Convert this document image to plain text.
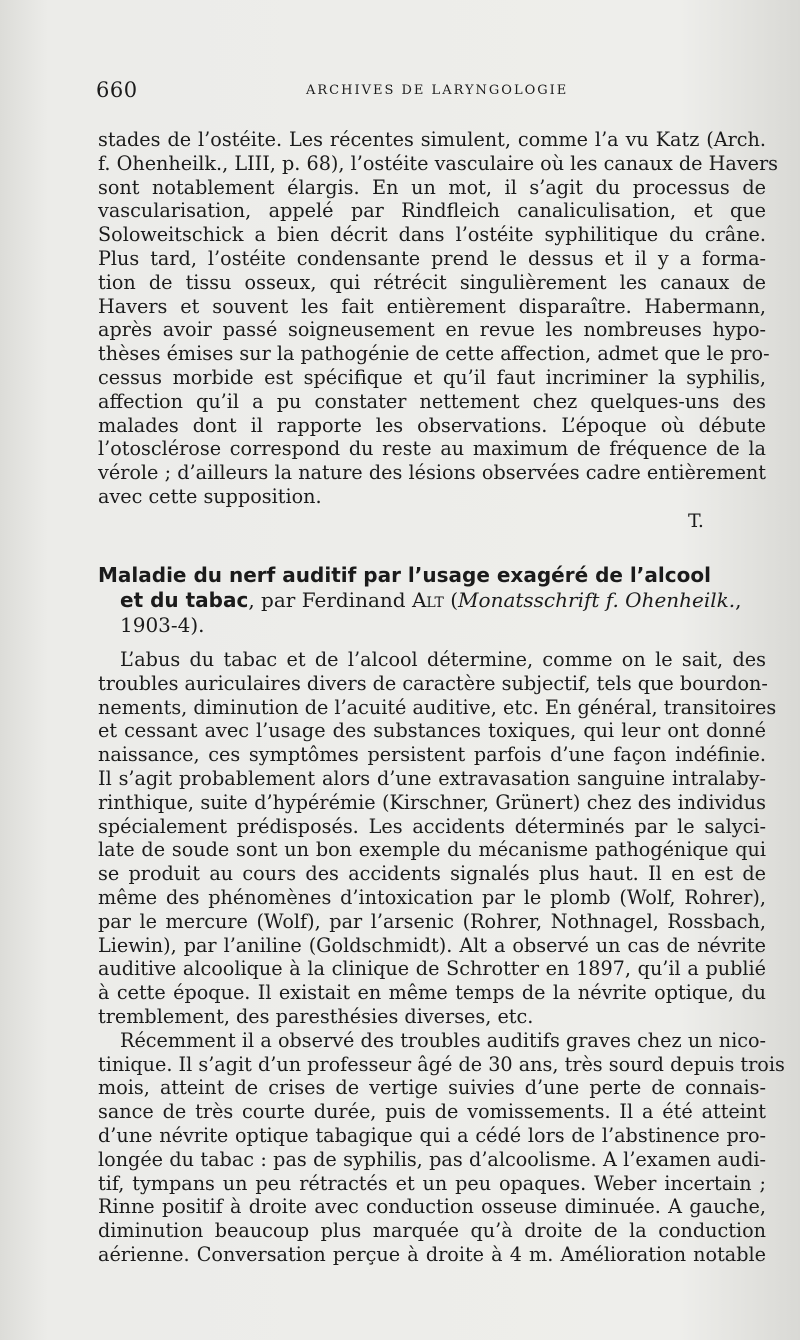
660	ARCHIVES DE LARYNGOLOGIE
stades de l’ostéite. Les récentes simulent, comme l’a vu Katz (Arch.
f. Ohenheilk., LIII, p. 68), l’ostéite vasculaire où les canaux de Havers
sont notablement élargis. En un mot, il s’agit du processus de
vascularisation, appelé par Rindfleich canaliculisation, et que
Soloweitschick a bien décrit dans l’ostéite syphilitique du crâne.
Plus tard, l’ostéite condensante prend le dessus et il y a forma-
tion de tissu osseux, qui rétrécit singulièrement les canaux de
Havers et souvent les fait entièrement disparaître. Habermann,
après avoir passé soigneusement en revue les nombreuses hypo-
thèses émises sur la pathogénie de cette affection, admet que le pro-
cessus morbide est spécifique et qu’il faut incriminer la syphilis,
affection qu’il a pu constater nettement chez quelques-uns des
malades dont il rapporte les observations. L’époque où débute
l’otosclérose correspond du reste au maximum de fréquence de la
vérole ; d’ailleurs la nature des lésions observées cadre entièrement
avec cette supposition.
T.
Maladie du nerf auditif par l’usage exagéré de l’alcool
et du tabac, par Ferdinand Alt (Monatsschrift f. Ohenheilk.,
1903-4).
L’abus du tabac et de l’alcool détermine, comme on le sait, des
troubles auriculaires divers de caractère subjectif, tels que bourdon-
nements, diminution de l’acuité auditive, etc. En général, transitoires
et cessant avec l’usage des substances toxiques, qui leur ont donné
naissance, ces symptômes persistent parfois d’une façon indéfinie.
Il s’agit probablement alors d’une extravasation sanguine intralaby-
rinthique, suite d’hypérémie (Kirschner, Grünert) chez des individus
spécialement prédisposés. Les accidents déterminés par le salycі-
late de soude sont un bon exemple du mécanisme pathogénique qui
se produit au cours des accidents signalés plus haut. Il en est de
même des phénomènes d’intoxication par le plomb (Wolf, Rohrer),
par le mercure (Wolf), par l’arsenic (Rohrer, Nothnagel, Rossbach,
Liewin), par l’aniline (Goldschmidt). Alt a observé un cas de névrite
auditive alcoolique à la clinique de Schrotter en 1897, qu’il a publié
à cette époque. Il existait en même temps de la névrite optique, du
tremblement, des paresthésies diverses, etc.
Récemment il a observé des troubles auditifs graves chez un nico-
tinique. Il s’agit d’un professeur âgé de 30 ans, très sourd depuis trois
mois, atteint de crises de vertige suivies d’une perte de connais-
sance de très courte durée, puis de vomissements. Il a été atteint
d’une névrite optique tabagique qui a cédé lors de l’abstinence pro-
longée du tabac : pas de syphilis, pas d’alcoolisme. A l’examen audi-
tif, tympans un peu rétractés et un peu opaques. Weber incertain ;
Rinne positif à droite avec conduction osseuse diminuée. A gauche,
diminution beaucoup plus marquée qu’à droite de la conduction
aérienne. Conversation perçue à droite à 4 m. Amélioration notable
